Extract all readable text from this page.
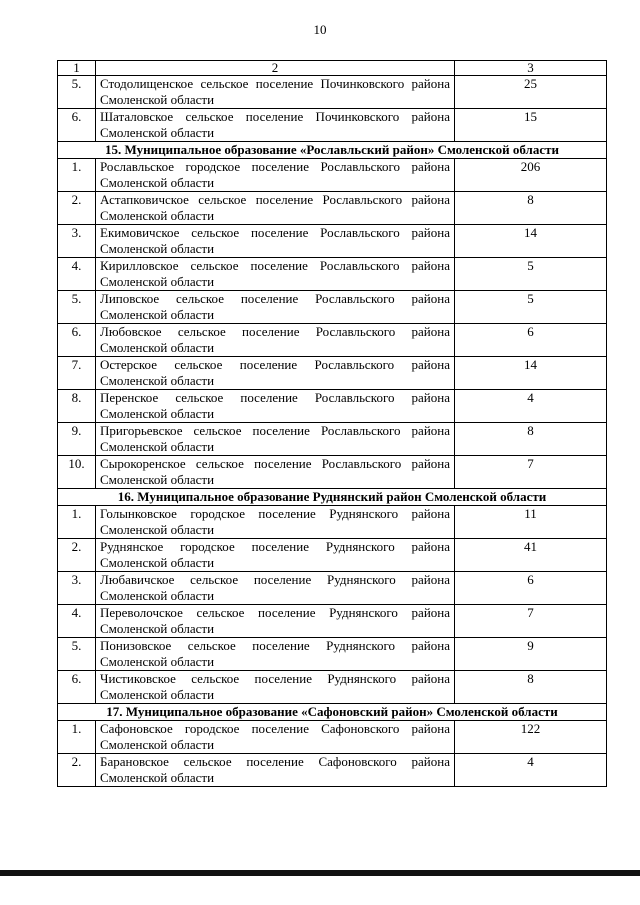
10
1	2	3
5.	Стодолищенское сельское поселение Починковского района Смоленской области	25
6.	Шаталовское сельское поселение Починковского района Смоленской области	15
15. Муниципальное образование «Рославльский район» Смоленской области		
1.	Рославльское городское поселение Рославльского района Смоленской области	206
2.	Астапковичское сельское поселение Рославльского района Смоленской области	8
3.	Екимовичское сельское поселение Рославльского района Смоленской области	14
4.	Кирилловское сельское поселение Рославльского района Смоленской области	5
5.	Липовское сельское поселение Рославльского района Смоленской области	5
6.	Любовское сельское поселение Рославльского района Смоленской области	6
7.	Остерское сельское поселение Рославльского района Смоленской области	14
8.	Перенское сельское поселение Рославльского района Смоленской области	4
9.	Пригорьевское сельское поселение Рославльского района Смоленской области	8
10.	Сырокоренское сельское поселение Рославльского района Смоленской области	7
16. Муниципальное образование Руднянский район Смоленской области		
1.	Голынковское городское поселение Руднянского района Смоленской области	11
2.	Руднянское городское поселение Руднянского района Смоленской области	41
3.	Любавичское сельское поселение Руднянского района Смоленской области	6
4.	Переволочское сельское поселение Руднянского района Смоленской области	7
5.	Понизовское сельское поселение Руднянского района Смоленской области	9
6.	Чистиковское сельское поселение Руднянского района Смоленской области	8
17. Муниципальное образование «Сафоновский район» Смоленской области		
1.	Сафоновское городское поселение Сафоновского района Смоленской области	122
2.	Барановское сельское поселение Сафоновского района Смоленской области	4
